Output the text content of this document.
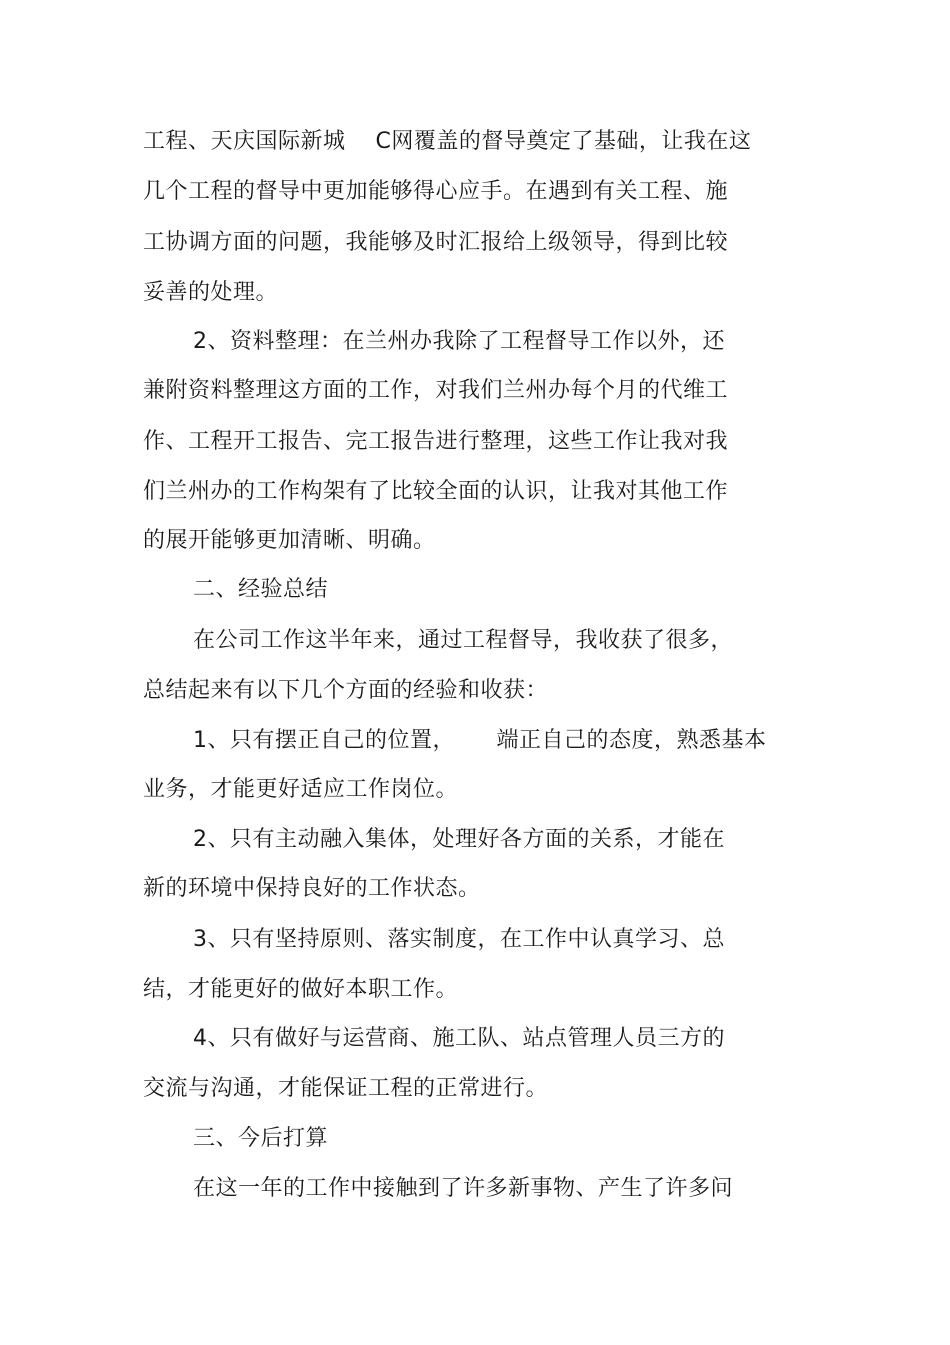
工程、天庆国际新城　 C网覆盖的督导奠定了基础，让我在这
几个工程的督导中更加能够得心应手。在遇到有关工程、施
工协调方面的问题，我能够及时汇报给上级领导，得到比较
妥善的处理。
2、资料整理：在兰州办我除了工程督导工作以外，还
兼附资料整理这方面的工作，对我们兰州办每个月的代维工
作、工程开工报告、完工报告进行整理，这些工作让我对我
们兰州办的工作构架有了比较全面的认识，让我对其他工作
的展开能够更加清晰、明确。
二、经验总结
在公司工作这半年来，通过工程督导，我收获了很多，
总结起来有以下几个方面的经验和收获：
1、只有摆正自己的位置，　　 端正自己的态度，熟悉基本
业务，才能更好适应工作岗位。
2、只有主动融入集体，处理好各方面的关系，才能在
新的环境中保持良好的工作状态。
3、只有坚持原则、落实制度，在工作中认真学习、总
结，才能更好的做好本职工作。
4、只有做好与运营商、施工队、站点管理人员三方的
交流与沟通，才能保证工程的正常进行。
三、今后打算
在这一年的工作中接触到了许多新事物、产生了许多问
